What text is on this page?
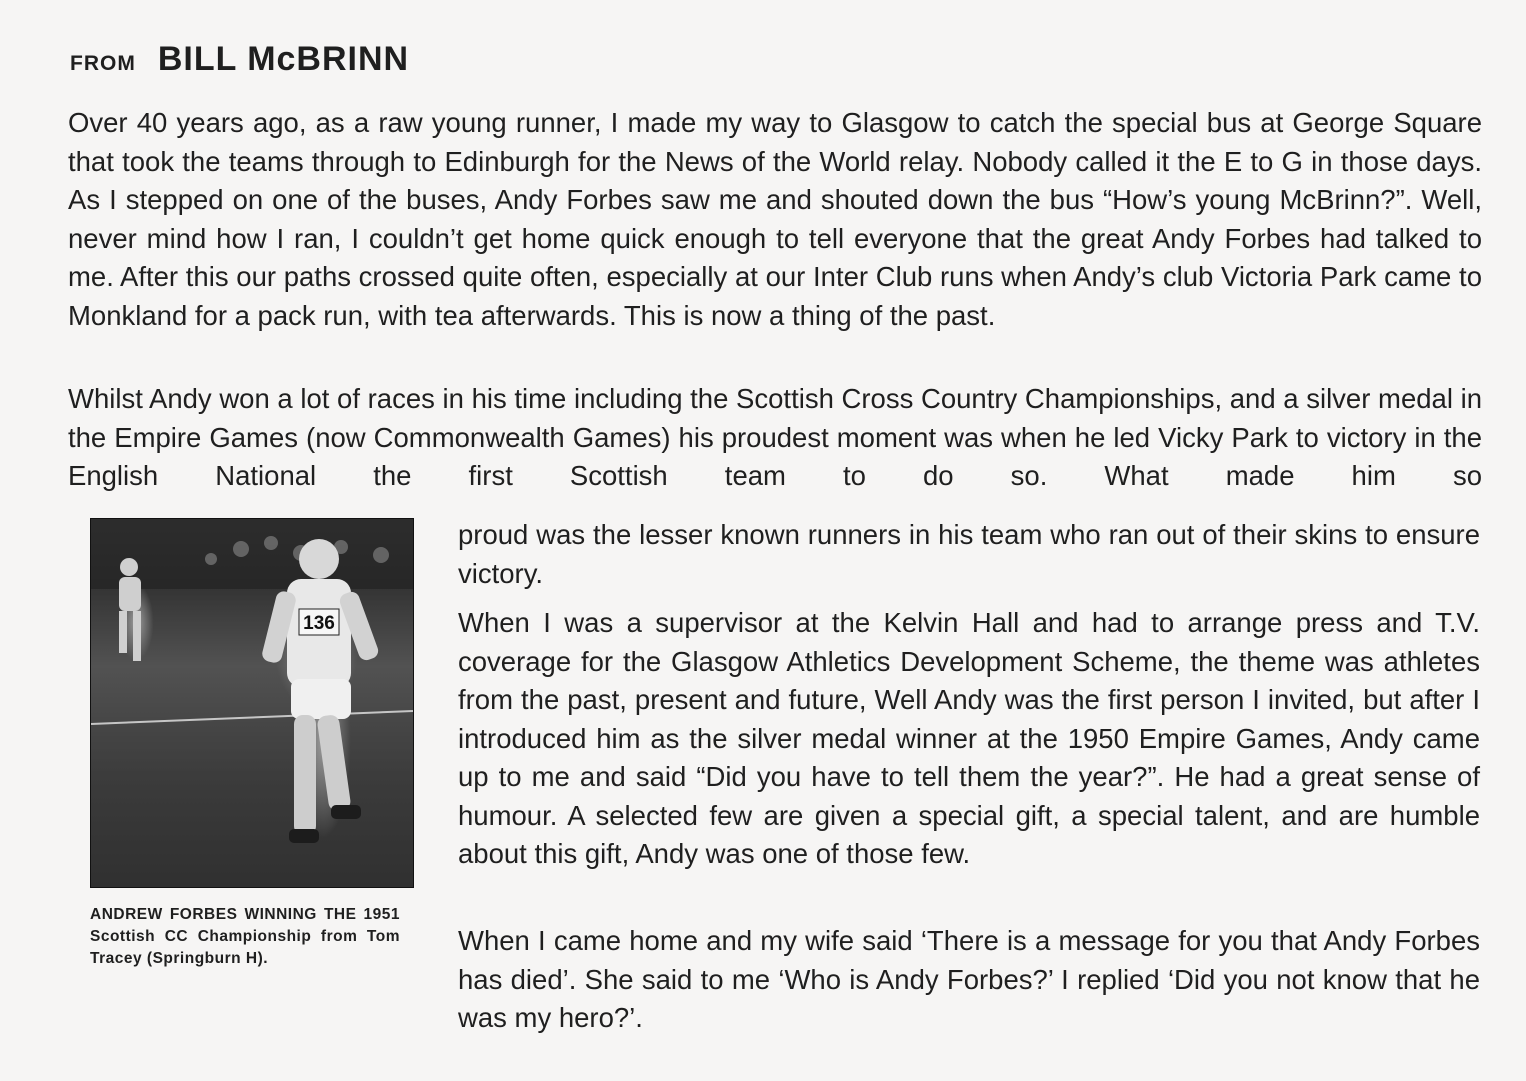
FROM BILL McBRINN

Over 40 years ago, as a raw young runner, I made my way to Glasgow to catch the special bus at George Square that took the teams through to Edinburgh for the News of the World relay. Nobody called it the E to G in those days. As I stepped on one of the buses, Andy Forbes saw me and shouted down the bus “How’s young McBrinn?”. Well, never mind how I ran, I couldn’t get home quick enough to tell everyone that the great Andy Forbes had talked to me. After this our paths crossed quite often, especially at our Inter Club runs when Andy’s club Victoria Park came to Monkland for a pack run, with tea afterwards. This is now a thing of the past.

Whilst Andy won a lot of races in his time including the Scottish Cross Country Championships, and a silver medal in the Empire Games (now Commonwealth Games) his proudest moment was when he led Vicky Park to victory in the English National the first Scottish team to do so. What made him so

proud was the lesser known runners in his team who ran out of their skins to ensure victory.

When I was a supervisor at the Kelvin Hall and had to arrange press and T.V. coverage for the Glasgow Athletics Development Scheme, the theme was athletes from the past, present and future, Well Andy was the first person I invited, but after I introduced him as the silver medal winner at the 1950 Empire Games, Andy came up to me and said “Did you have to tell them the year?”. He had a great sense of humour. A selected few are given a special gift, a special talent, and are humble about this gift, Andy was one of those few.

When I came home and my wife said ‘There is a message for you that Andy Forbes has died’. She said to me ‘Who is Andy Forbes?’ I replied ‘Did you not know that he was my hero?’.

136

ANDREW FORBES WINNING THE 1951 Scottish CC Championship from Tom Tracey (Springburn H).
